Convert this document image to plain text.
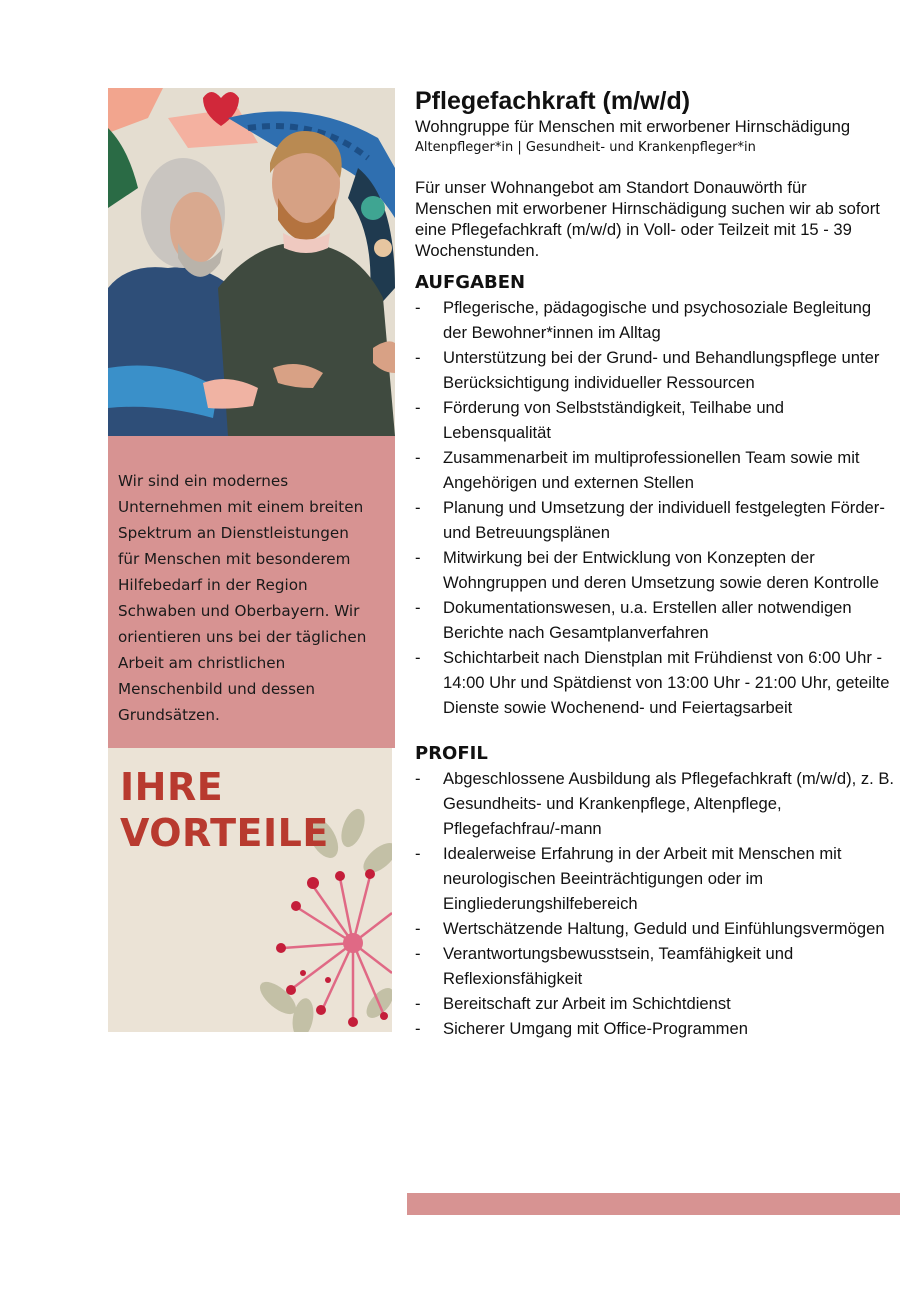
Wir sind ein modernes Unternehmen mit einem breiten Spektrum an Dienstleistungen für Menschen mit besonderem Hilfebedarf in der Region Schwaben und Oberbayern. Wir orientieren uns bei der täglichen Arbeit am christlichen Menschenbild und dessen Grundsätzen.

IHRE
VORTEILE
Pflegefachkraft (m/w/d)

Wohngruppe für Menschen mit erworbener Hirnschädigung

Altenpfleger*in | Gesundheit- und Krankenpfleger*in

Für unser Wohnangebot am Standort Donauwörth für Menschen mit erworbener Hirnschädigung suchen wir ab sofort eine Pflegefachkraft (m/w/d) in Voll- oder Teilzeit mit 15 - 39 Wochenstunden.

AUFGABEN
- Pflegerische, pädagogische und psychosoziale Begleitung der Bewohner*innen im Alltag
- Unterstützung bei der Grund- und Behandlungspflege unter Berücksichtigung individueller Ressourcen
- Förderung von Selbstständigkeit, Teilhabe und Lebensqualität
- Zusammenarbeit im multiprofessionellen Team sowie mit Angehörigen und externen Stellen
- Planung und Umsetzung der individuell festgelegten Förder- und Betreuungsplänen
- Mitwirkung bei der Entwicklung von Konzepten der Wohngruppen und deren Umsetzung sowie deren Kontrolle
- Dokumentationswesen, u.a. Erstellen aller notwendigen Berichte nach Gesamtplanverfahren
- Schichtarbeit nach Dienstplan mit Frühdienst von 6:00 Uhr - 14:00 Uhr und Spätdienst von 13:00 Uhr - 21:00 Uhr, geteilte Dienste sowie Wochenend- und Feiertagsarbeit
PROFIL
- Abgeschlossene Ausbildung als Pflegefachkraft (m/w/d), z. B. Gesundheits- und Krankenpflege, Altenpflege, Pflegefachfrau/-mann
- Idealerweise Erfahrung in der Arbeit mit Menschen mit neurologischen Beeinträchtigungen oder im Eingliederungshilfebereich
- Wertschätzende Haltung, Geduld und Einfühlungsvermögen
- Verantwortungsbewusstsein, Teamfähigkeit und Reflexionsfähigkeit
- Bereitschaft zur Arbeit im Schichtdienst
- Sicherer Umgang mit Office-Programmen
